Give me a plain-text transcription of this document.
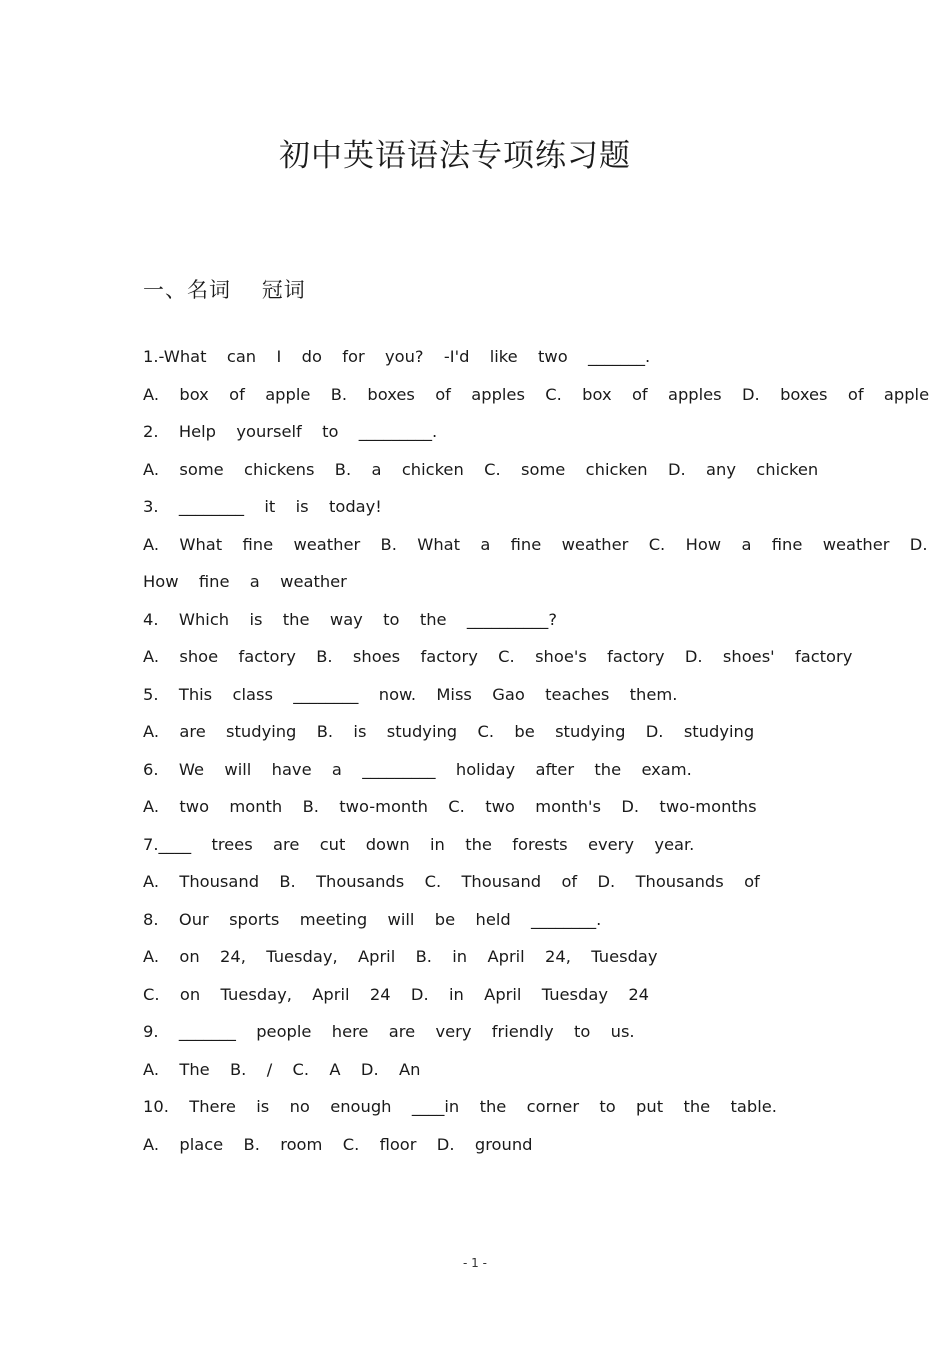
初中英语语法专项练习题
一、名词    冠词
1.-What  can  I  do  for  you?  -I'd  like  two  _______.
A.  box  of  apple  B.  boxes  of  apples  C.  box  of  apples  D.  boxes  of  apple
2.  Help  yourself  to  _________.
A.  some  chickens  B.  a  chicken  C.  some  chicken  D.  any  chicken
3.  ________  it  is  today!
A.  What  fine  weather  B.  What  a  fine  weather  C.  How  a  fine  weather  D.
How  fine  a  weather
4.  Which  is  the  way  to  the  __________?
A.  shoe  factory  B.  shoes  factory  C.  shoe's  factory  D.  shoes'  factory
5.  This  class  ________  now.  Miss  Gao  teaches  them.
A.  are  studying  B.  is  studying  C.  be  studying  D.  studying
6.  We  will  have  a  _________  holiday  after  the  exam.
A.  two  month  B.  two-month  C.  two  month's  D.  two-months
7.____  trees  are  cut  down  in  the  forests  every  year.
A.  Thousand  B.  Thousands  C.  Thousand  of  D.  Thousands  of
8.  Our  sports  meeting  will  be  held  ________.
A.  on  24,  Tuesday,  April  B.  in  April  24,  Tuesday
C.  on  Tuesday,  April  24  D.  in  April  Tuesday  24
9.  _______  people  here  are  very  friendly  to  us.
A.  The  B.  /  C.  A  D.  An
10.  There  is  no  enough  ____in  the  corner  to  put  the  table.
A.  place  B.  room  C.  floor  D.  ground
- 1 -
